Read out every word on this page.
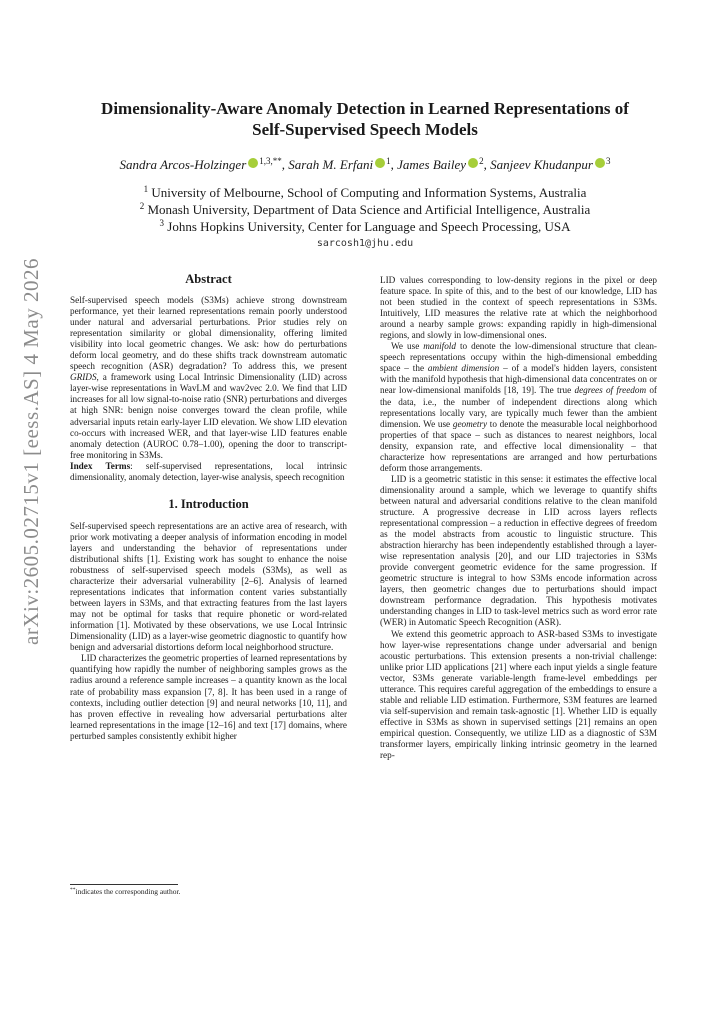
arXiv:2605.02715v1 [eess.AS] 4 May 2026
Dimensionality-Aware Anomaly Detection in Learned Representations of
Self-Supervised Speech Models
Sandra Arcos-Holzinger $^{1,3,**}$, Sarah M. Erfani $^1$, James Bailey $^2$, Sanjeev Khudanpur $^3$
$^1$ University of Melbourne, School of Computing and Information Systems, Australia
$^2$ Monash University, Department of Data Science and Artificial Intelligence, Australia
$^3$ Johns Hopkins University, Center for Language and Speech Processing, USA
sarcosh1@jhu.edu
Abstract

Self-supervised speech models (S3Ms) achieve strong downstream performance, yet their learned representations remain poorly understood under natural and adversarial perturbations. Prior studies rely on representation similarity or global dimensionality, offering limited visibility into local geometric changes. We ask: how do perturbations deform local geometry, and do these shifts track downstream automatic speech recognition (ASR) degradation? To address this, we present GRIDS, a framework using Local Intrinsic Dimensionality (LID) across layer-wise representations in WavLM and wav2vec 2.0. We find that LID increases for all low signal-to-noise ratio (SNR) perturbations and diverges at high SNR: benign noise converges toward the clean profile, while adversarial inputs retain early-layer LID elevation. We show LID elevation co-occurs with increased WER, and that layer-wise LID features enable anomaly detection (AUROC 0.78–1.00), opening the door to transcript-free monitoring in S3Ms.

Index Terms: self-supervised representations, local intrinsic dimensionality, anomaly detection, layer-wise analysis, speech recognition

1. Introduction

Self-supervised speech representations are an active area of research, with prior work motivating a deeper analysis of information encoding in model layers and understanding the behavior of representations under distributional shifts [1]. Existing work has sought to enhance the noise robustness of self-supervised speech models (S3Ms), as well as characterize their adversarial vulnerability [2–6]. Analysis of learned representations indicates that information content varies substantially between layers in S3Ms, and that extracting features from the last layers may not be optimal for tasks that require phonetic or word-related information [1]. Motivated by these observations, we use Local Intrinsic Dimensionality (LID) as a layer-wise geometric diagnostic to quantify how benign and adversarial distortions deform local neighborhood structure.

LID characterizes the geometric properties of learned representations by quantifying how rapidly the number of neighboring samples grows as the radius around a reference sample increases – a quantity known as the local rate of probability mass expansion [7, 8]. It has been used in a range of contexts, including outlier detection [9] and neural networks [10, 11], and has proven effective in revealing how adversarial perturbations alter learned representations in the image [12–16] and text [17] domains, where perturbed samples consistently exhibit higher

LID values corresponding to low-density regions in the pixel or deep feature space. In spite of this, and to the best of our knowledge, LID has not been studied in the context of speech representations in S3Ms. Intuitively, LID measures the relative rate at which the neighborhood around a nearby sample grows: expanding rapidly in high-dimensional regions, and slowly in low-dimensional ones.

We use manifold to denote the low-dimensional structure that clean-speech representations occupy within the high-dimensional embedding space – the ambient dimension – of a model's hidden layers, consistent with the manifold hypothesis that high-dimensional data concentrates on or near low-dimensional manifolds [18, 19]. The true degrees of freedom of the data, i.e., the number of independent directions along which representations locally vary, are typically much fewer than the ambient dimension. We use geometry to denote the measurable local neighborhood properties of that space – such as distances to nearest neighbors, local density, expansion rate, and effective local dimensionality – that characterize how representations are arranged and how perturbations deform those arrangements.

LID is a geometric statistic in this sense: it estimates the effective local dimensionality around a sample, which we leverage to quantify shifts between natural and adversarial conditions relative to the clean manifold structure. A progressive decrease in LID across layers reflects representational compression – a reduction in effective degrees of freedom as the model abstracts from acoustic to linguistic structure. This abstraction hierarchy has been independently established through a layer-wise representation analysis [20], and our LID trajectories in S3Ms provide convergent geometric evidence for the same progression. If geometric structure is integral to how S3Ms encode information across layers, then geometric changes due to perturbations should impact downstream performance degradation. This hypothesis motivates understanding changes in LID to task-level metrics such as word error rate (WER) in Automatic Speech Recognition (ASR).

We extend this geometric approach to ASR-based S3Ms to investigate how layer-wise representations change under adversarial and benign acoustic perturbations. This extension presents a non-trivial challenge: unlike prior LID applications [21] where each input yields a single feature vector, S3Ms generate variable-length frame-level embeddings per utterance. This requires careful aggregation of the embeddings to ensure a stable and reliable LID estimation. Furthermore, S3M features are learned via self-supervision and remain task-agnostic [1]. Whether LID is equally effective in S3Ms as shown in supervised settings [21] remains an open empirical question. Consequently, we utilize LID as a diagnostic of S3M transformer layers, empirically linking intrinsic geometry in the learned rep-

**indicates the corresponding author.
